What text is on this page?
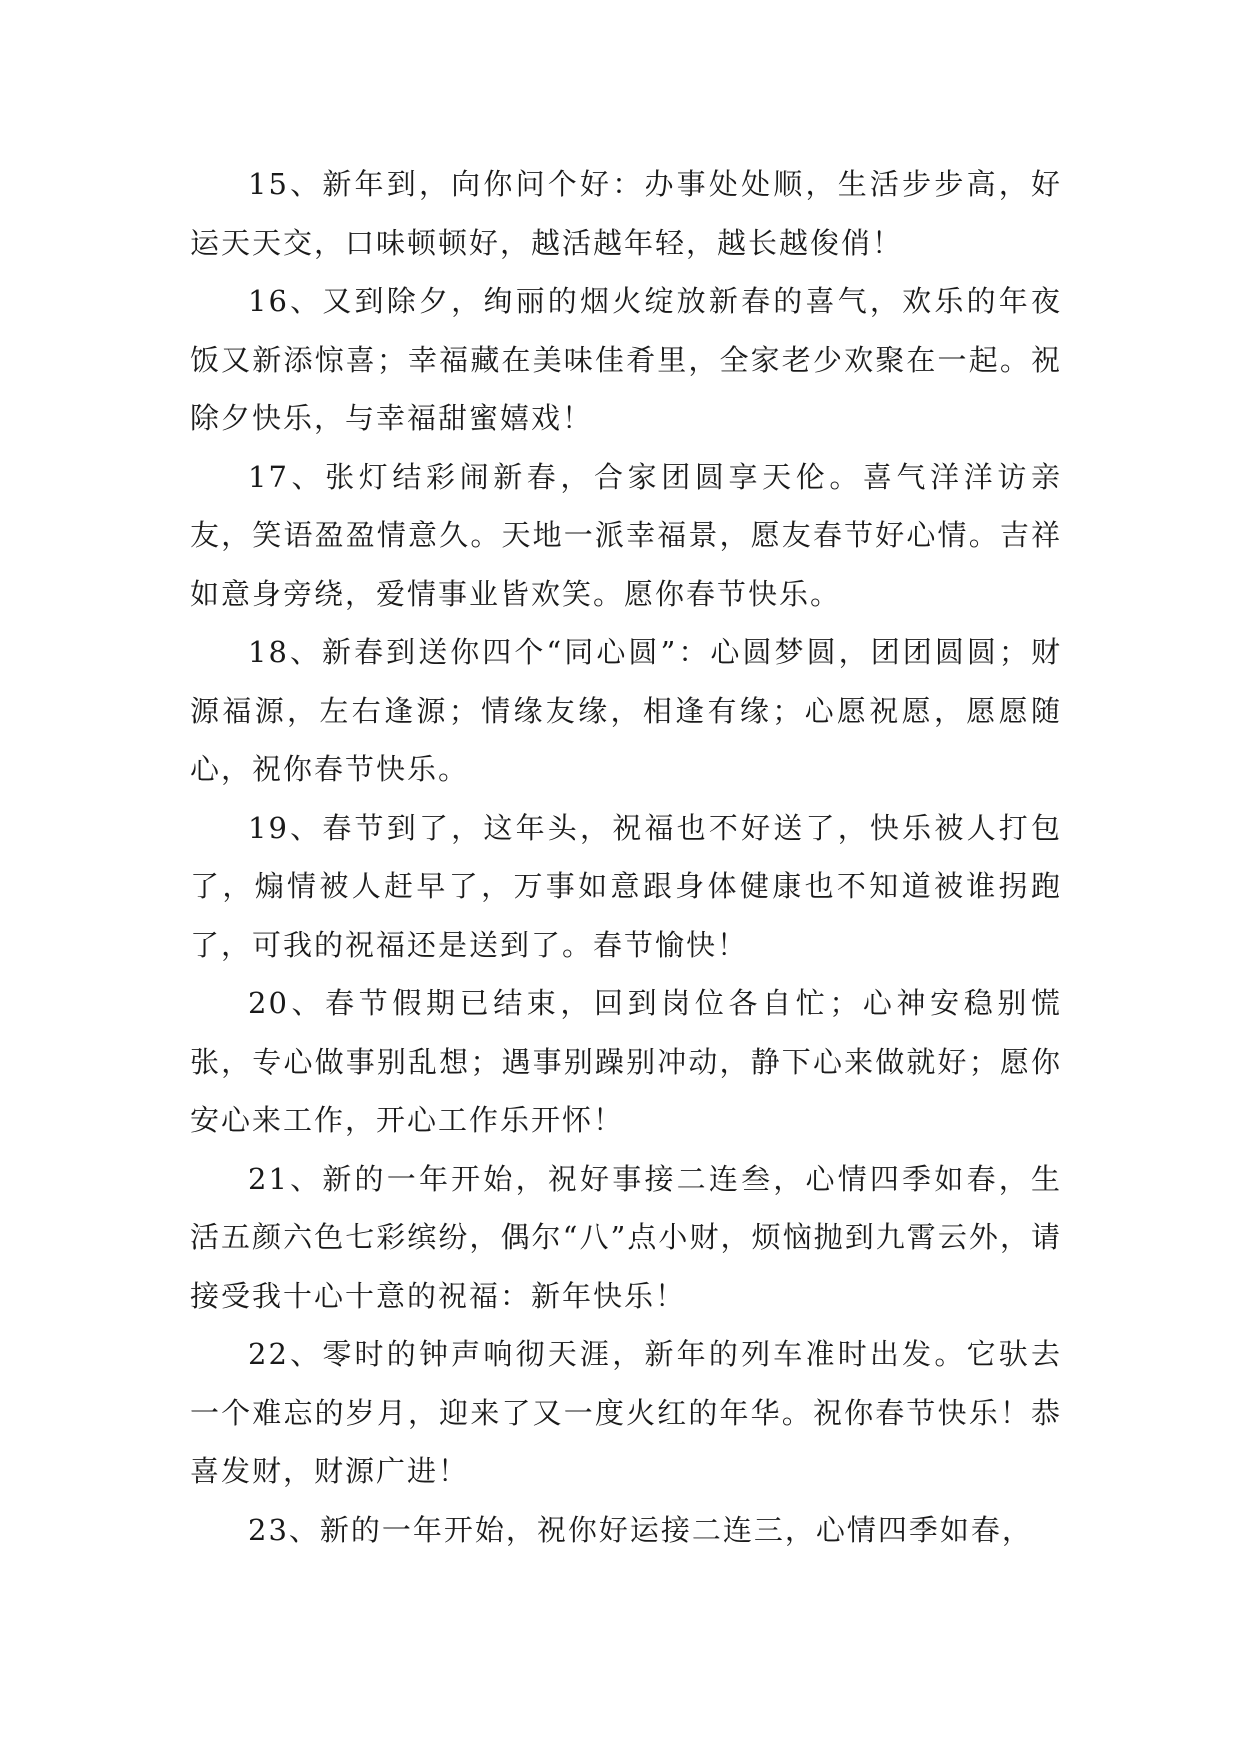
15、新年到，向你问个好：办事处处顺，生活步步高，好运天天交，口味顿顿好，越活越年轻，越长越俊俏！

16、又到除夕，绚丽的烟火绽放新春的喜气，欢乐的年夜饭又新添惊喜；幸福藏在美味佳肴里，全家老少欢聚在一起。祝除夕快乐，与幸福甜蜜嬉戏！

17、张灯结彩闹新春，合家团圆享天伦。喜气洋洋访亲友，笑语盈盈情意久。天地一派幸福景，愿友春节好心情。吉祥如意身旁绕，爱情事业皆欢笑。愿你春节快乐。

18、新春到送你四个“同心圆”：心圆梦圆，团团圆圆；财源福源，左右逢源；情缘友缘，相逢有缘；心愿祝愿，愿愿随心，祝你春节快乐。

19、春节到了，这年头，祝福也不好送了，快乐被人打包了，煽情被人赶早了，万事如意跟身体健康也不知道被谁拐跑了，可我的祝福还是送到了。春节愉快！

20、春节假期已结束，回到岗位各自忙；心神安稳别慌张，专心做事别乱想；遇事别躁别冲动，静下心来做就好；愿你安心来工作，开心工作乐开怀！

21、新的一年开始，祝好事接二连叁，心情四季如春，生活五颜六色七彩缤纷，偶尔“八”点小财，烦恼抛到九霄云外，请接受我十心十意的祝福：新年快乐！

22、零时的钟声响彻天涯，新年的列车准时出发。它驮去一个难忘的岁月，迎来了又一度火红的年华。祝你春节快乐！恭喜发财，财源广进！

23、新的一年开始，祝你好运接二连三，心情四季如春，
